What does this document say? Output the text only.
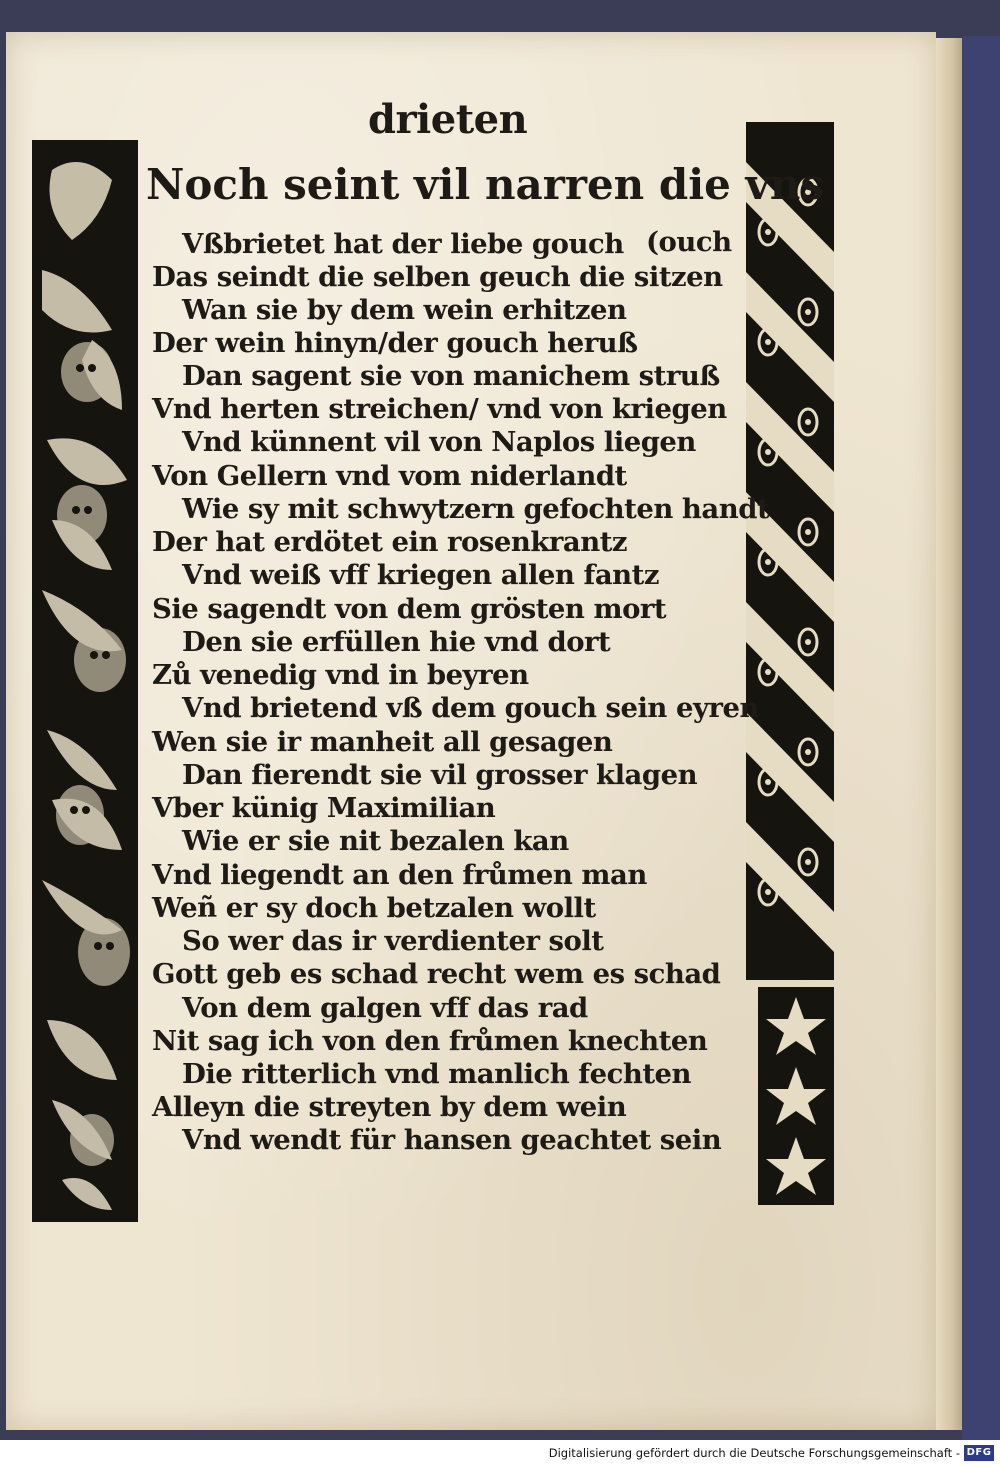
drieten
Noch seint vil narren die vns
(ouch
Vßbrietet hat der liebe gouch
Das seindt die selben geuch die sitzen
Wan sie by dem wein erhitzen
Der wein hinyn/der gouch heruß
Dan sagent sie von manichem struß
Vnd herten streichen/ vnd von kriegen
Vnd künnent vil von Naplos liegen
Von Gellern vnd vom niderlandt
Wie sy mit schwytzern gefochten handt
Der hat erdötet ein rosenkrantz
Vnd weiß vff kriegen allen fantz
Sie sagendt von dem grösten mort
Den sie erfüllen hie vnd dort
Zů venedig vnd in beyren
Vnd brietend vß dem gouch sein eyren
Wen sie ir manheit all gesagen
Dan fierendt sie vil grosser klagen
Vber künig Maximilian
Wie er sie nit bezalen kan
Vnd liegendt an den frůmen man
Weñ er sy doch betzalen wollt
So wer das ir verdienter solt
Gott geb es schad recht wem es schad
Von dem galgen vff das rad
Nit sag ich von den frůmen knechten
Die ritterlich vnd manlich fechten
Alleyn die streyten by dem wein
Vnd wendt für hansen geachtet sein
Digitalisierung gefördert durch die Deutsche Forschungsgemeinschaft - DFG
